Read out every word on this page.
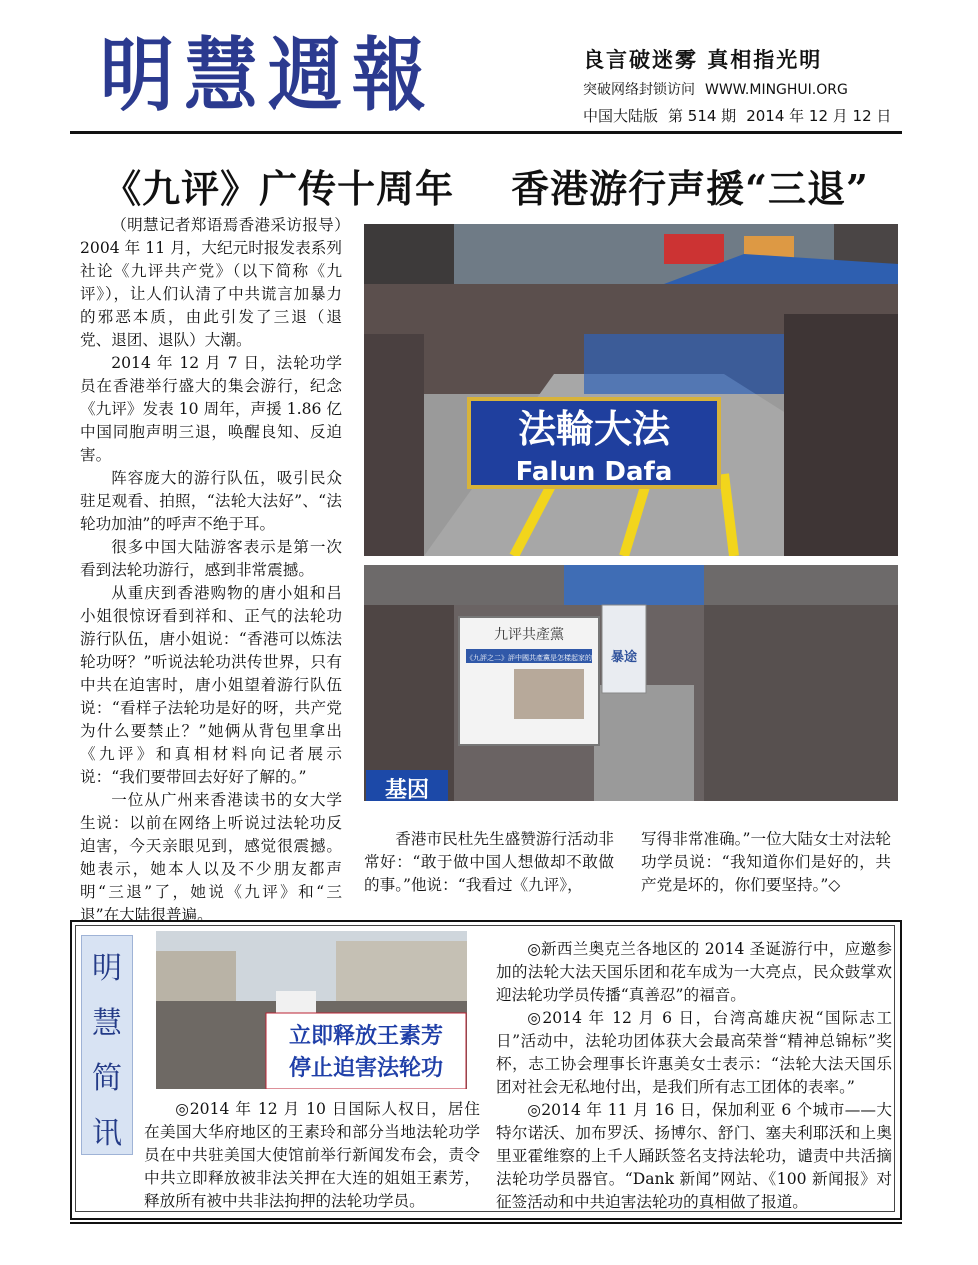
明慧週報	良言破迷雾 真相指光明
突破网络封锁访问 WWW.MINGHUI.ORG
中国大陆版 第 514 期 2014 年 12 月 12 日
《九评》广传十周年    香港游行声援“三退”

（明慧记者郑语焉香港采访报导）2004 年 11 月，大纪元时报发表系列社论《九评共产党》（以下简称《九评》），让人们认清了中共谎言加暴力的邪恶本质，由此引发了三退（退党、退团、退队）大潮。

2014 年 12 月 7 日，法轮功学员在香港举行盛大的集会游行，纪念《九评》发表 10 周年，声援 1.86 亿中国同胞声明三退，唤醒良知、反迫害。

阵容庞大的游行队伍，吸引民众驻足观看、拍照，“法轮大法好”、“法轮功加油”的呼声不绝于耳。

很多中国大陆游客表示是第一次看到法轮功游行，感到非常震撼。

从重庆到香港购物的唐小姐和吕小姐很惊讶看到祥和、正气的法轮功游行队伍，唐小姐说：“香港可以炼法轮功呀？”听说法轮功洪传世界，只有中共在迫害时，唐小姐望着游行队伍说：“看样子法轮功是好的呀，共产党为什么要禁止？”她俩从背包里拿出《九评》和真相材料向记者展示说：“我们要带回去好好了解的。”

一位从广州来香港读书的女大学生说：以前在网络上听说过法轮功反迫害，今天亲眼见到，感觉很震撼。她表示，她本人以及不少朋友都声明“三退”了，她说《九评》和“三退”在大陆很普遍。

法輪大法
Falun Dafa
九评共產黨
《九評之二》評中國共產黨是怎樣起家的 暴途
基因

香港市民杜先生盛赞游行活动非常好：“敢于做中国人想做却不敢做的事。”他说：“我看过《九评》，

写得非常准确。”一位大陆女士对法轮功学员说：“我知道你们是好的，共产党是坏的，你们要坚持。”◇

明
慧
简
讯
立即释放王素芳
停止迫害法轮功

◎2014 年 12 月 10 日国际人权日，居住在美国大华府地区的王素玲和部分当地法轮功学员在中共驻美国大使馆前举行新闻发布会，责令中共立即释放被非法关押在大连的姐姐王素芳，释放所有被中共非法拘押的法轮功学员。

◎新西兰奥克兰各地区的 2014 圣诞游行中，应邀参加的法轮大法天国乐团和花车成为一大亮点，民众鼓掌欢迎法轮功学员传播“真善忍”的福音。

◎2014 年 12 月 6 日，台湾高雄庆祝“国际志工日”活动中，法轮功团体获大会最高荣誉“精神总锦标”奖杯，志工协会理事长许惠美女士表示：“法轮大法天国乐团对社会无私地付出，是我们所有志工团体的表率。”

◎2014 年 11 月 16 日，保加利亚 6 个城市——大特尔诺沃、加布罗沃、扬博尔、舒门、塞夫利耶沃和上奥里亚霍维察的上千人踊跃签名支持法轮功，谴责中共活摘法轮功学员器官。“Dank 新闻”网站、《100 新闻报》对征签活动和中共迫害法轮功的真相做了报道。
